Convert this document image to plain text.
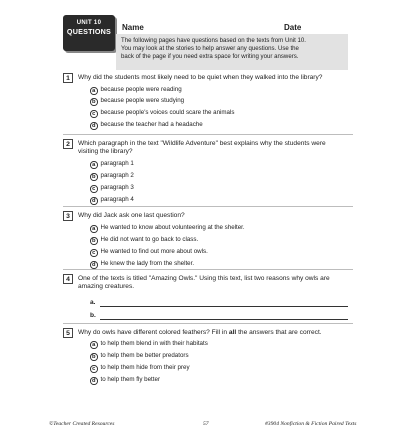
UNIT 10
QUESTIONS	Name	Date
The following pages have questions based on the texts from Unit 10.
You may look at the stories to help answer any questions. Use the
back of the page if you need extra space for writing your answers.
1	Why did the students most likely need to be quiet when they walked into the library?
a because people were reading
b because people were studying
c because people's voices could scare the animals
d because the teacher had a headache
2	Which paragraph in the text "Wildlife Adventure" best explains why the students were
visiting the library?
a paragraph 1
b paragraph 2
c paragraph 3
d paragraph 4
3	Why did Jack ask one last question?
a He wanted to know about volunteering at the shelter.
b He did not want to go back to class.
c He wanted to find out more about owls.
d He knew the lady from the shelter.
4	One of the texts is titled "Amazing Owls." Using this text, list two reasons why owls are
amazing creatures.
a.
b.
5	Why do owls have different colored feathers? Fill in all the answers that are correct.
a to help them blend in with their habitats
b to help them be better predators
c to help them hide from their prey
d to help them fly better
©Teacher Created Resources	57	#3904 Nonfiction & Fiction Paired Texts
